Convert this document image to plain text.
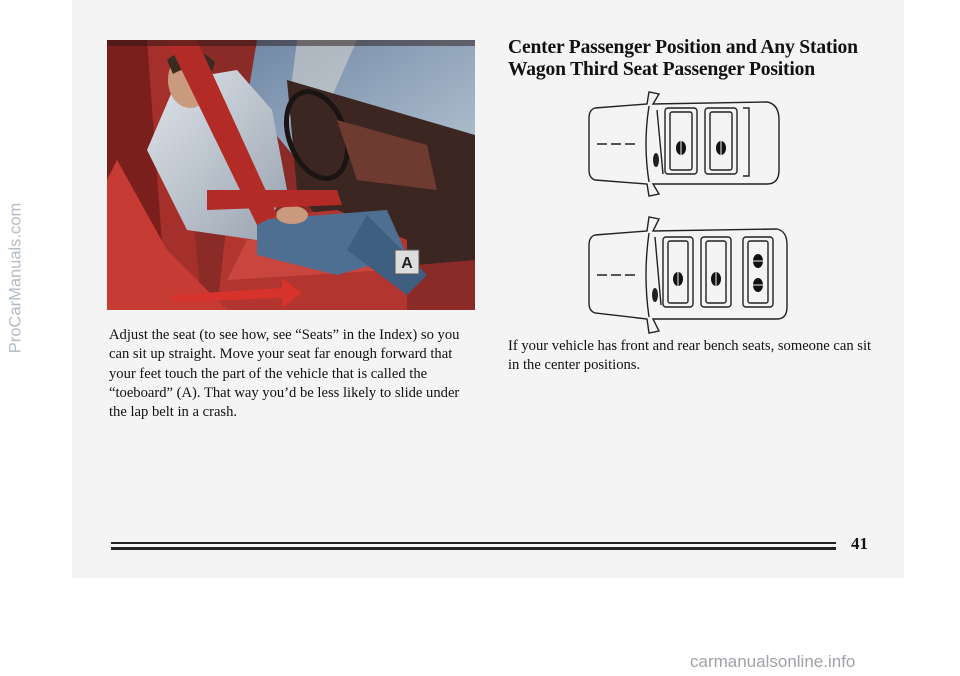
A

Adjust the seat (to see how, see “Seats” in the Index) so you can sit up straight. Move your seat far enough forward that your feet touch the part of the vehicle that is called the “toeboard” (A). That way you’d be less likely to slide under the lap belt in a crash.

Center Passenger Position and Any Station Wagon Third Seat Passenger Position

If your vehicle has front and rear bench seats, someone can sit in the center positions.

41
ProCarManuals.com
carmanualsonline.info
